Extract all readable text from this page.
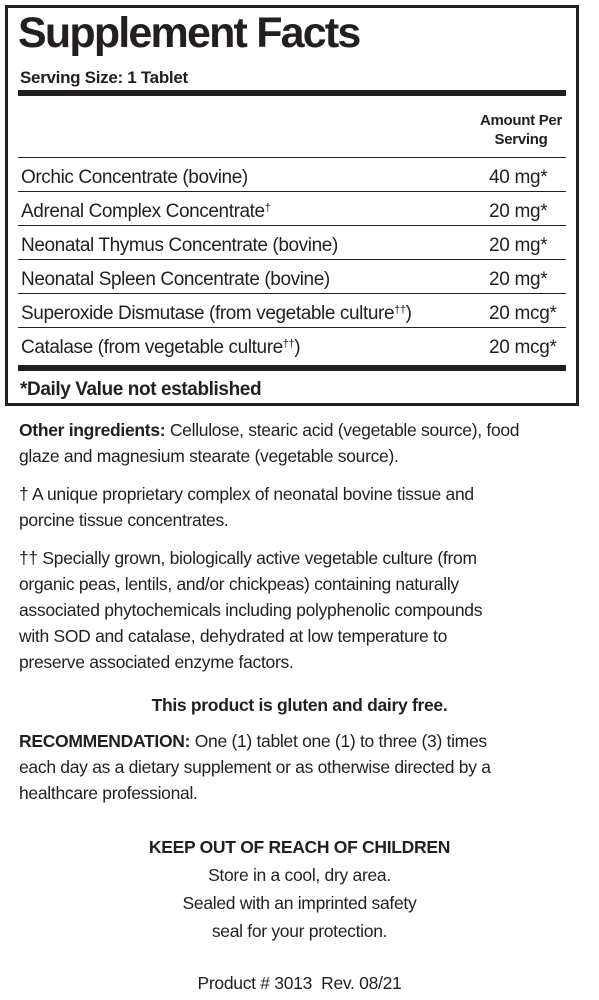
Supplement Facts
Serving Size: 1 Tablet
Amount Per
Serving
Orchic Concentrate (bovine)	40 mg*
Adrenal Complex Concentrate†	20 mg*
Neonatal Thymus Concentrate (bovine)	20 mg*
Neonatal Spleen Concentrate (bovine)	20 mg*
Superoxide Dismutase (from vegetable culture††)	20 mcg*
Catalase (from vegetable culture††)	20 mcg*
*Daily Value not established

Other ingredients: Cellulose, stearic acid (vegetable source), food
glaze and magnesium stearate (vegetable source).

† A unique proprietary complex of neonatal bovine tissue and
porcine tissue concentrates.

†† Specially grown, biologically active vegetable culture (from
organic peas, lentils, and/or chickpeas) containing naturally
associated phytochemicals including polyphenolic compounds
with SOD and catalase, dehydrated at low temperature to
preserve associated enzyme factors.

This product is gluten and dairy free.

RECOMMENDATION: One (1) tablet one (1) to three (3) times
each day as a dietary supplement or as otherwise directed by a
healthcare professional.

KEEP OUT OF REACH OF CHILDREN
Store in a cool, dry area.
Sealed with an imprinted safety
seal for your protection.
Product # 3013  Rev. 08/21
